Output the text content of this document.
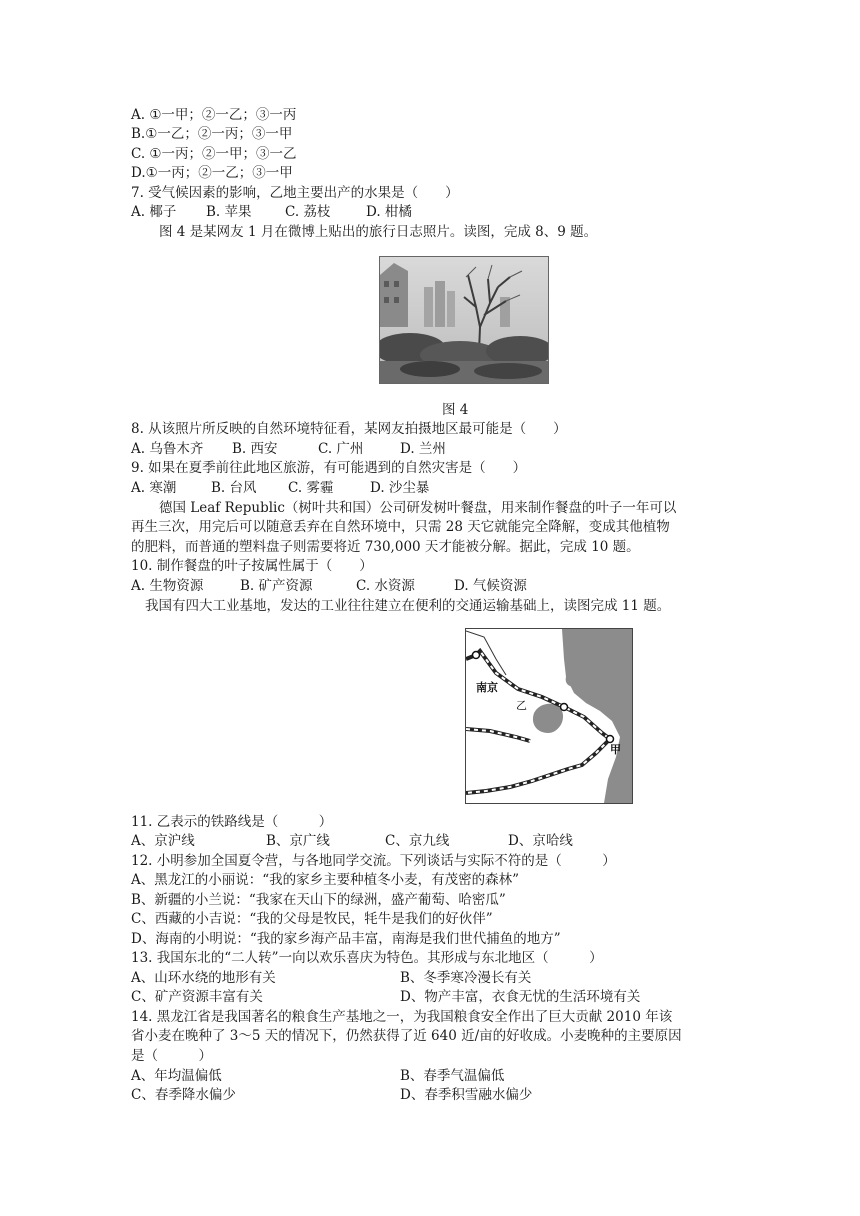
A. ①一甲；②一乙；③一丙
B.①一乙；②一丙；③一甲
C. ①一丙；②一甲；③一乙
D.①一丙；②一乙；③一甲
7. 受气候因素的影响，乙地主要出产的水果是（　　）
A. 椰子 B. 苹果 C. 荔枝	D. 柑橘
图 4 是某网友 1 月在微博上贴出的旅行日志照片。读图，完成 8、9 题。
图 4
8. 从该照片所反映的自然环境特征看，某网友拍摄地区最可能是（　　）
A. 乌鲁木齐 B. 西安	C. 广州	D. 兰州
9. 如果在夏季前往此地区旅游，有可能遇到的自然灾害是（　　）
A. 寒潮	B. 台风 C. 雾霾	D. 沙尘暴
德国 Leaf Republic（树叶共和国）公司研发树叶餐盘，用来制作餐盘的叶子一年可以
再生三次，用完后可以随意丢弃在自然环境中，只需 28 天它就能完全降解，变成其他植物
的肥料，而普通的塑料盘子则需要将近 730,000 天才能被分解。据此，完成 10 题。
10. 制作餐盘的叶子按属性属于（　　）
A. 生物资源	B. 矿产资源	C. 水资源	D. 气候资源
我国有四大工业基地，发达的工业往往建立在便利的交通运输基础上，读图完成 11 题。
南京
乙
甲
11. 乙表示的铁路线是（　　　）
A、京沪线	B、京广线	C、京九线	D、京哈线
12. 小明参加全国夏令营，与各地同学交流。下列谈话与实际不符的是（　　　）
A、黑龙江的小丽说：“我的家乡主要种植冬小麦，有茂密的森林”
B、新疆的小兰说：“我家在天山下的绿洲，盛产葡萄、哈密瓜”
C、西藏的小吉说：“我的父母是牧民，牦牛是我们的好伙伴”
D、海南的小明说：“我的家乡海产品丰富，南海是我们世代捕鱼的地方”
13. 我国东北的“二人转”一向以欢乐喜庆为特色。其形成与东北地区（　　　）
A、山环水绕的地形有关	B、冬季寒冷漫长有关
C、矿产资源丰富有关	D、物产丰富，衣食无忧的生活环境有关
14. 黑龙江省是我国著名的粮食生产基地之一，为我国粮食安全作出了巨大贡献 2010 年该
省小麦在晚种了 3～5 天的情况下，仍然获得了近 640 近/亩的好收成。小麦晚种的主要原因
是（　　　）
A、年均温偏低	B、春季气温偏低
C、春季降水偏少	D、春季积雪融水偏少
